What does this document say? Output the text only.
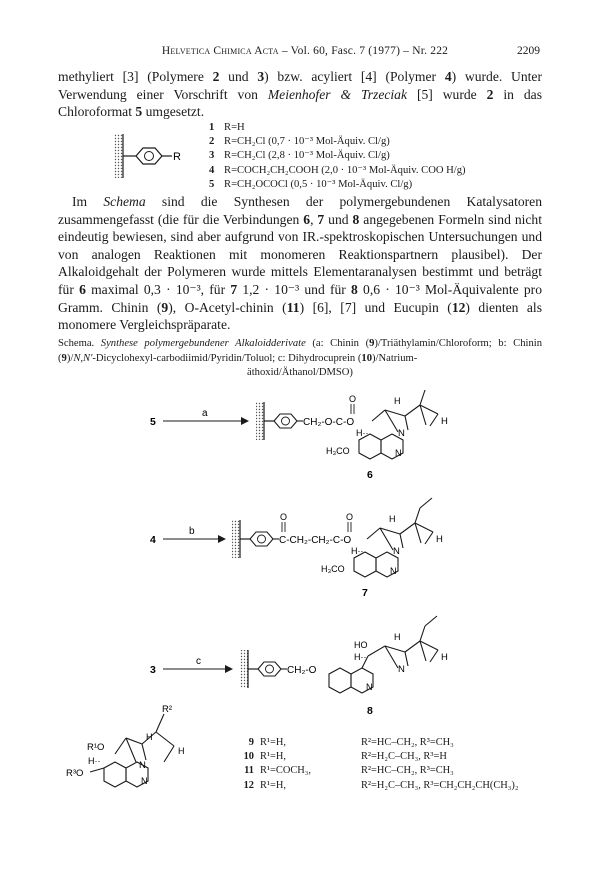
Helvetica Chimica Acta – Vol. 60, Fasc. 7 (1977) – Nr. 222	2209
methyliert [3] (Polymere 2 und 3) bzw. acyliert [4] (Polymer 4) wurde. Unter Verwendung einer Vorschrift von Meienhofer & Trzeciak [5] wurde 2 in das Chloroformat 5 umgesetzt.
R
1 R=H
2 R=CH₂Cl (0,7 · 10⁻³ Mol-Äquiv. Cl/g)
3 R=CH₂Cl (2,8 · 10⁻³ Mol-Äquiv. Cl/g)
4 R=COCH₂CH₂COOH (2,0 · 10⁻³ Mol-Äquiv. COO H/g)
5 R=CH₂OCOCl (0,5 · 10⁻³ Mol-Äquiv. Cl/g)
Im Schema sind die Synthesen der polymergebundenen Katalysatoren zusammengefasst (die für die Verbindungen 6, 7 und 8 angegebenen Formeln sind nicht eindeutig bewiesen, sind aber aufgrund von IR.-spektroskopischen Untersuchungen und von analogen Reaktionen mit monomeren Reaktionspartnern plausibel). Der Alkaloidgehalt der Polymeren wurde mittels Elementaranalysen bestimmt und beträgt für 6 maximal 0,3 · 10⁻³, für 7 1,2 · 10⁻³ und für 8 0,6 · 10⁻³ Mol-Äquivalente pro Gramm. Chinin (9), O-Acetyl-chinin (11) [6], [7] und Eucupin (12) dienten als monomere Vergleichspräparate.
Schema. Synthese polymergebundener Alkaloidderivate (a: Chinin (9)/Triäthylamin/Chloroform; b: Chinin (9)/N,N'-Dicyclohexyl-carbodiimid/Pyridin/Toluol; c: Dihydrocuprein (10)/Natrium-
äthoxid/Äthanol/DMSO)
5
a
CH₂-O-C-O
O
N
H
H
H··
N
H₃CO
6
4
b
C-CH₂-CH₂-C-O
O	O
N
H
H
H··
N
H₃CO
7
3
c
CH₂-O
N
HO
H··
N
H
H
8
R²
N
H
H
R¹O
H··
N
R³O
9 R¹=H,	R²=HC–CH₂, R³=CH₃
10 R¹=H,	R²=H₂C–CH₃, R³=H
11 R¹=COCH₃,	R²=HC–CH₂, R³=CH₃
12 R¹=H,	R²=H₂C–CH₃, R³=CH₂CH₂CH(CH₃)₂
